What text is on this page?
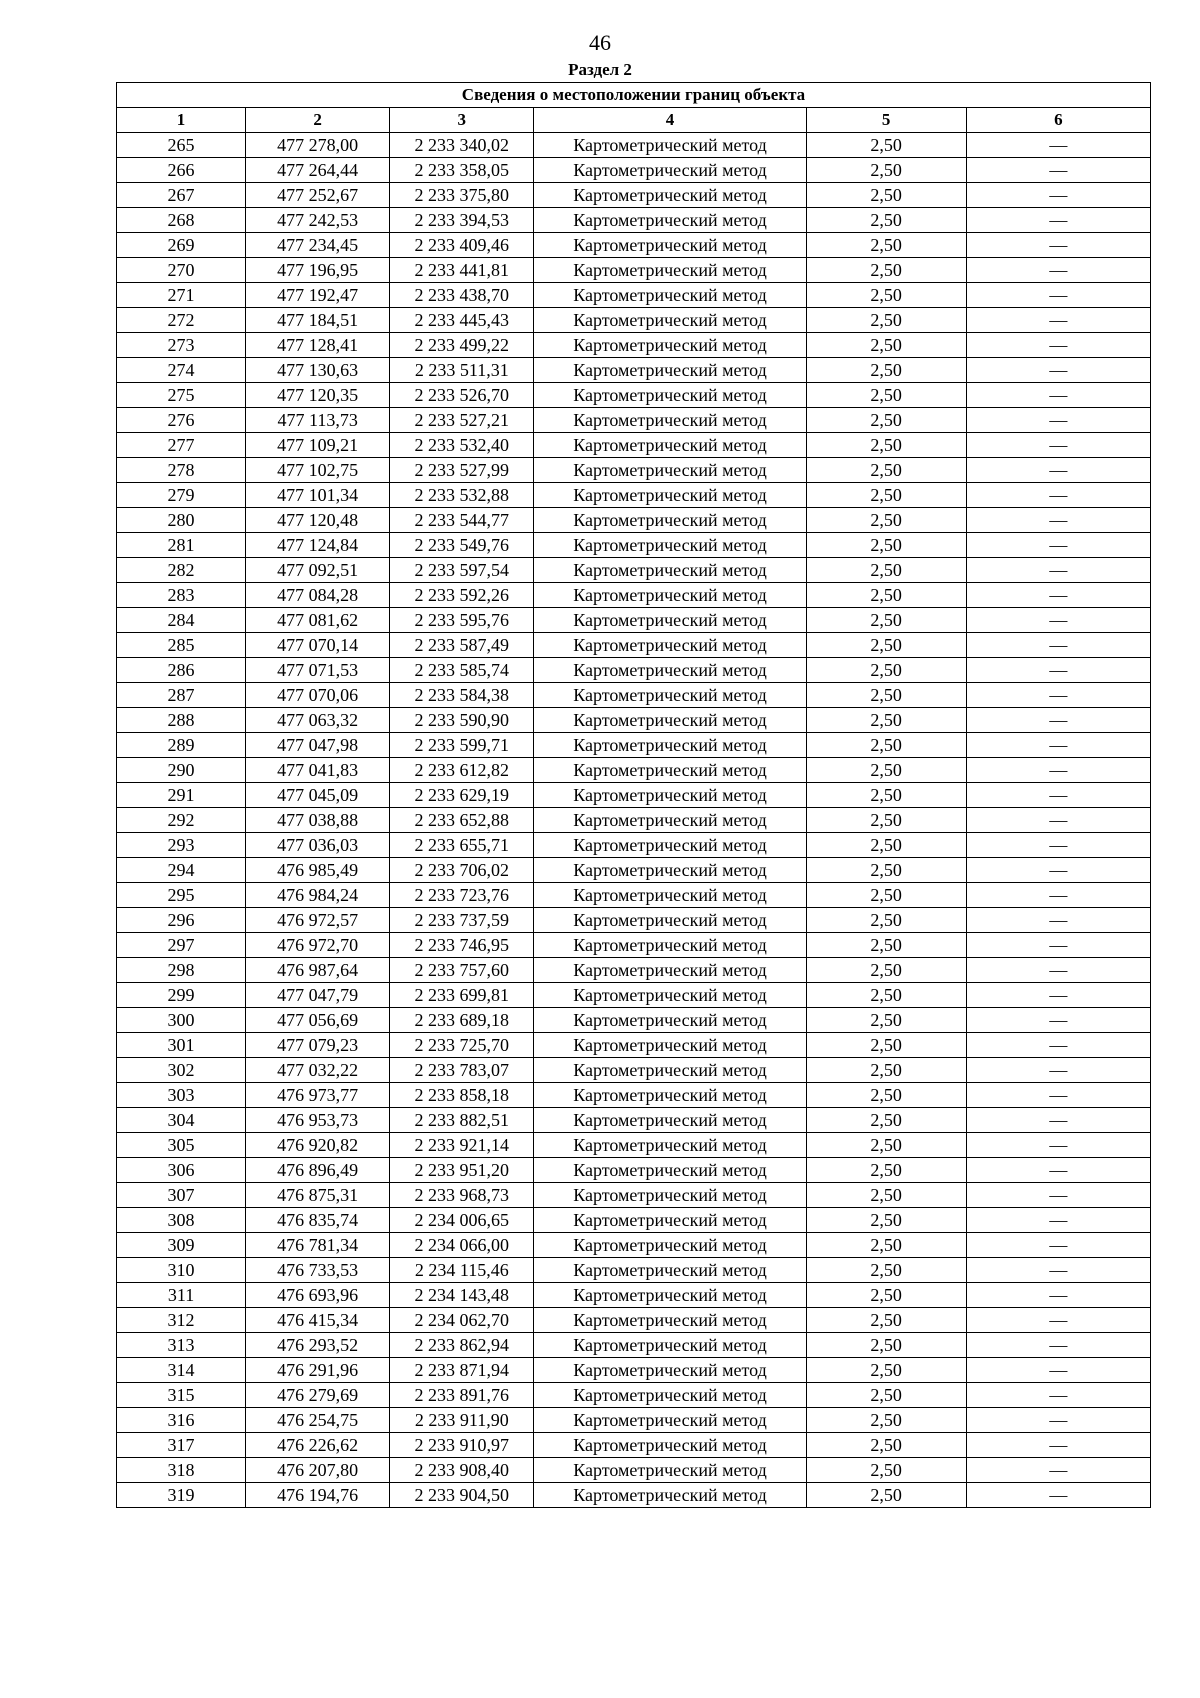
46
Раздел 2
Сведения о местоположении границ объекта					
1	2	3	4	5	6
265	477 278,00	2 233 340,02	Картометрический метод	2,50	—
266	477 264,44	2 233 358,05	Картометрический метод	2,50	—
267	477 252,67	2 233 375,80	Картометрический метод	2,50	—
268	477 242,53	2 233 394,53	Картометрический метод	2,50	—
269	477 234,45	2 233 409,46	Картометрический метод	2,50	—
270	477 196,95	2 233 441,81	Картометрический метод	2,50	—
271	477 192,47	2 233 438,70	Картометрический метод	2,50	—
272	477 184,51	2 233 445,43	Картометрический метод	2,50	—
273	477 128,41	2 233 499,22	Картометрический метод	2,50	—
274	477 130,63	2 233 511,31	Картометрический метод	2,50	—
275	477 120,35	2 233 526,70	Картометрический метод	2,50	—
276	477 113,73	2 233 527,21	Картометрический метод	2,50	—
277	477 109,21	2 233 532,40	Картометрический метод	2,50	—
278	477 102,75	2 233 527,99	Картометрический метод	2,50	—
279	477 101,34	2 233 532,88	Картометрический метод	2,50	—
280	477 120,48	2 233 544,77	Картометрический метод	2,50	—
281	477 124,84	2 233 549,76	Картометрический метод	2,50	—
282	477 092,51	2 233 597,54	Картометрический метод	2,50	—
283	477 084,28	2 233 592,26	Картометрический метод	2,50	—
284	477 081,62	2 233 595,76	Картометрический метод	2,50	—
285	477 070,14	2 233 587,49	Картометрический метод	2,50	—
286	477 071,53	2 233 585,74	Картометрический метод	2,50	—
287	477 070,06	2 233 584,38	Картометрический метод	2,50	—
288	477 063,32	2 233 590,90	Картометрический метод	2,50	—
289	477 047,98	2 233 599,71	Картометрический метод	2,50	—
290	477 041,83	2 233 612,82	Картометрический метод	2,50	—
291	477 045,09	2 233 629,19	Картометрический метод	2,50	—
292	477 038,88	2 233 652,88	Картометрический метод	2,50	—
293	477 036,03	2 233 655,71	Картометрический метод	2,50	—
294	476 985,49	2 233 706,02	Картометрический метод	2,50	—
295	476 984,24	2 233 723,76	Картометрический метод	2,50	—
296	476 972,57	2 233 737,59	Картометрический метод	2,50	—
297	476 972,70	2 233 746,95	Картометрический метод	2,50	—
298	476 987,64	2 233 757,60	Картометрический метод	2,50	—
299	477 047,79	2 233 699,81	Картометрический метод	2,50	—
300	477 056,69	2 233 689,18	Картометрический метод	2,50	—
301	477 079,23	2 233 725,70	Картометрический метод	2,50	—
302	477 032,22	2 233 783,07	Картометрический метод	2,50	—
303	476 973,77	2 233 858,18	Картометрический метод	2,50	—
304	476 953,73	2 233 882,51	Картометрический метод	2,50	—
305	476 920,82	2 233 921,14	Картометрический метод	2,50	—
306	476 896,49	2 233 951,20	Картометрический метод	2,50	—
307	476 875,31	2 233 968,73	Картометрический метод	2,50	—
308	476 835,74	2 234 006,65	Картометрический метод	2,50	—
309	476 781,34	2 234 066,00	Картометрический метод	2,50	—
310	476 733,53	2 234 115,46	Картометрический метод	2,50	—
311	476 693,96	2 234 143,48	Картометрический метод	2,50	—
312	476 415,34	2 234 062,70	Картометрический метод	2,50	—
313	476 293,52	2 233 862,94	Картометрический метод	2,50	—
314	476 291,96	2 233 871,94	Картометрический метод	2,50	—
315	476 279,69	2 233 891,76	Картометрический метод	2,50	—
316	476 254,75	2 233 911,90	Картометрический метод	2,50	—
317	476 226,62	2 233 910,97	Картометрический метод	2,50	—
318	476 207,80	2 233 908,40	Картометрический метод	2,50	—
319	476 194,76	2 233 904,50	Картометрический метод	2,50	—
